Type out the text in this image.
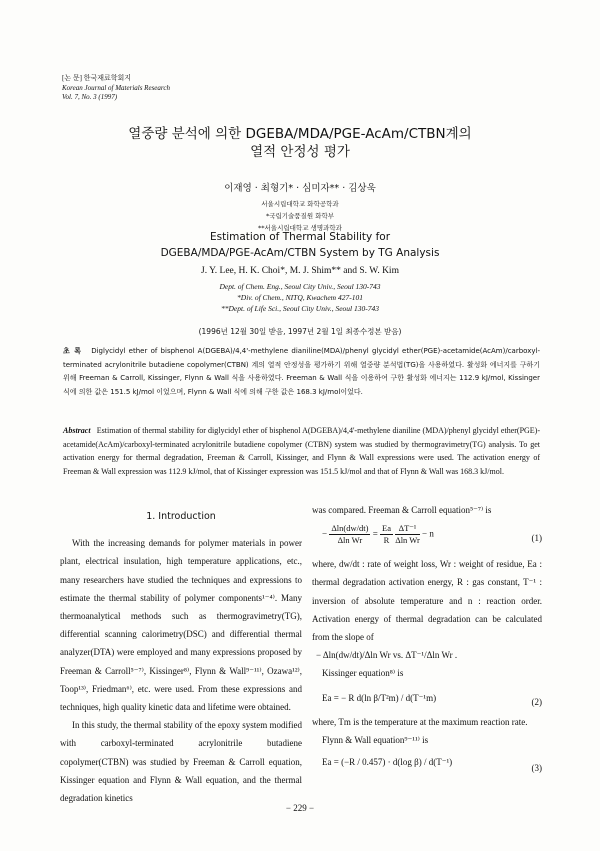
[논 문] 한국재료학회지
Korean Journal of Materials Research
Vol. 7, No. 3 (1997)
열중량 분석에 의한 DGEBA/MDA/PGE-AcAm/CTBN계의
열적 안정성 평가
이재영 · 최형기* · 심미자** · 김상욱
서울시립대학교 화학공학과
*국립기술품질원 화학부
**서울시립대학교 생명과학과
Estimation of Thermal Stability for
DGEBA/MDA/PGE-AcAm/CTBN System by TG Analysis
J. Y. Lee, H. K. Choi*, M. J. Shim** and S. W. Kim
Dept. of Chem. Eng., Seoul City Univ., Seoul 130-743
*Div. of Chem., NITQ, Kwachem 427-101
**Dept. of Life Sci., Seoul City Univ., Seoul 130-743
(1996년 12월 30일 받음, 1997년 2월 1일 최종수정본 받음)
초 록 Diglycidyl ether of bisphenol A(DGEBA)/4,4'-methylene dianiline(MDA)/phenyl glycidyl ether(PGE)-acetamide(AcAm)/carboxyl-terminated acrylonitrile butadiene copolymer(CTBN) 계의 열적 안정성을 평가하기 위해 열중량 분석법(TG)을 사용하였다. 활성화 에너지를 구하기 위해 Freeman & Carroll, Kissinger, Flynn & Wall 식을 사용하였다. Freeman & Wall 식을 이용하여 구한 활성화 에너지는 112.9 kJ/mol, Kissinger 식에 의한 값은 151.5 kJ/mol 이었으며, Flynn & Wall 식에 의해 구한 값은 168.3 kJ/mol이었다.
Abstract Estimation of thermal stability for diglycidyl ether of bisphenol A(DGEBA)/4,4'-methylene dianiline (MDA)/phenyl glycidyl ether(PGE)-acetamide(AcAm)/carboxyl-terminated acrylonitrile butadiene copolymer (CTBN) system was studied by thermogravimetry(TG) analysis. To get activation energy for thermal degradation, Freeman & Carroll, Kissinger, and Flynn & Wall expressions were used. The activation energy of Freeman & Wall expression was 112.9 kJ/mol, that of Kissinger expression was 151.5 kJ/mol and that of Flynn & Wall was 168.3 kJ/mol.
1. Introduction
With the increasing demands for polymer materials in power plant, electrical insulation, high temperature applications, etc., many researchers have studied the techniques and expressions to estimate the thermal stability of polymer components¹⁻⁴⁾. Many thermoanalytical methods such as thermogravimetry(TG), differential scanning calorimetry(DSC) and differential thermal analyzer(DTA) were employed and many expressions proposed by Freeman & Carroll⁵⁻⁷⁾, Kissinger⁸⁾, Flynn & Wall⁹⁻¹¹⁾, Ozawa¹²⁾, Toop¹³⁾, Friedman⁶⁾, etc. were used. From these expressions and techniques, high quality kinetic data and lifetime were obtained.
In this study, the thermal stability of the epoxy system modified with carboxyl-terminated acrylonitrile butadiene copolymer(CTBN) was studied by Freeman & Carroll equation, Kissinger equation and Flynn & Wall equation, and the thermal degradation kinetics
was compared. Freeman & Carroll equation⁵⁻⁷⁾ is
− $\frac{\Delta\ln(dw/dt)}{\text{Δln Wr}} = \frac{Ea}{R}$
$\frac{\text{ΔT⁻¹}}{\text{Δln Wr}} - n$	(1)
where, dw/dt : rate of weight loss, Wr : weight of residue, Ea : thermal degradation activation energy, R : gas constant, T⁻¹ : inversion of absolute temperature and n : reaction order. Activation energy of thermal degradation can be calculated from the slope of
− Δln(dw/dt)/Δln Wr vs. ΔT⁻¹/Δln Wr .
Kissinger equation⁸⁾ is
Ea = − R d(ln β/T²m) / d(T⁻¹m)	(2)
where, Tm is the temperature at the maximum reaction rate.
Flynn & Wall equation⁹⁻¹¹⁾ is
Ea = (−R / 0.457) · d(log β) / d(T⁻¹)
(3)
− 229 −
